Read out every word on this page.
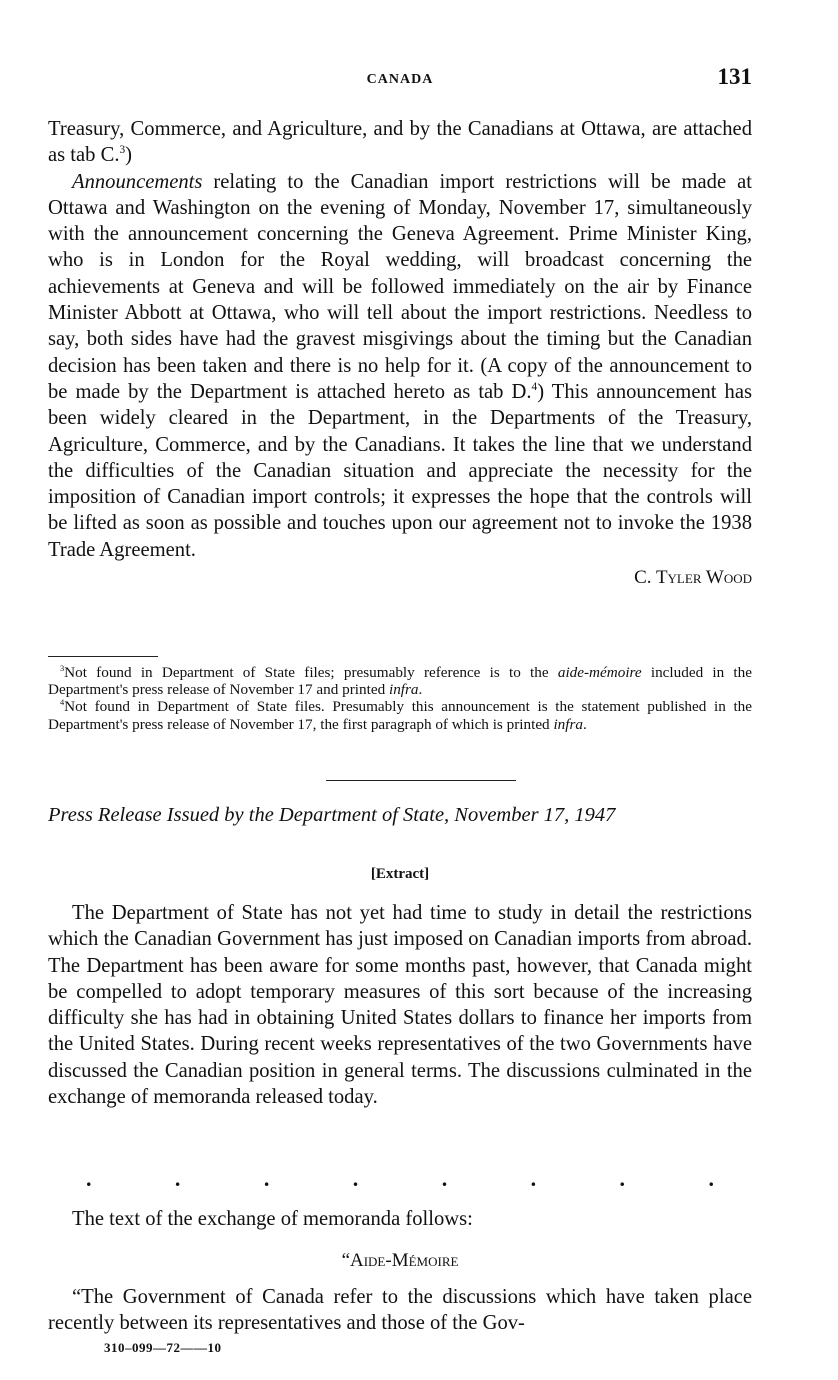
CANADA	131

Treasury, Commerce, and Agriculture, and by the Canadians at Ottawa, are attached as tab C.$^3$)

Announcements relating to the Canadian import restrictions will be made at Ottawa and Washington on the evening of Monday, November 17, simultaneously with the announcement concerning the Geneva Agreement. Prime Minister King, who is in London for the Royal wedding, will broadcast concerning the achievements at Geneva and will be followed immediately on the air by Finance Minister Abbott at Ottawa, who will tell about the import restrictions. Needless to say, both sides have had the gravest misgivings about the timing but the Canadian decision has been taken and there is no help for it. (A copy of the announcement to be made by the Department is attached hereto as tab D.$^4$) This announcement has been widely cleared in the Department, in the Departments of the Treasury, Agriculture, Commerce, and by the Canadians. It takes the line that we understand the difficulties of the Canadian situation and appreciate the necessity for the imposition of Canadian import controls; it expresses the hope that the controls will be lifted as soon as possible and touches upon our agreement not to invoke the 1938 Trade Agreement.

C. Tyler Wood

$^3$Not found in Department of State files; presumably reference is to the aide-mémoire included in the Department's press release of November 17 and printed infra.

$^4$Not found in Department of State files. Presumably this announcement is the statement published in the Department's press release of November 17, the first paragraph of which is printed infra.

Press Release Issued by the Department of State, November 17, 1947
[Extract]

The Department of State has not yet had time to study in detail the restrictions which the Canadian Government has just imposed on Canadian imports from abroad. The Department has been aware for some months past, however, that Canada might be compelled to adopt temporary measures of this sort because of the increasing difficulty she has had in obtaining United States dollars to finance her imports from the United States. During recent weeks representatives of the two Governments have discussed the Canadian position in general terms. The discussions culminated in the exchange of memoranda released today.

.	.	.	.	.	.	.	.

The text of the exchange of memoranda follows:

“Aide-Mémoire

“The Government of Canada refer to the discussions which have taken place recently between its representatives and those of the Gov-

310–099—72——10
